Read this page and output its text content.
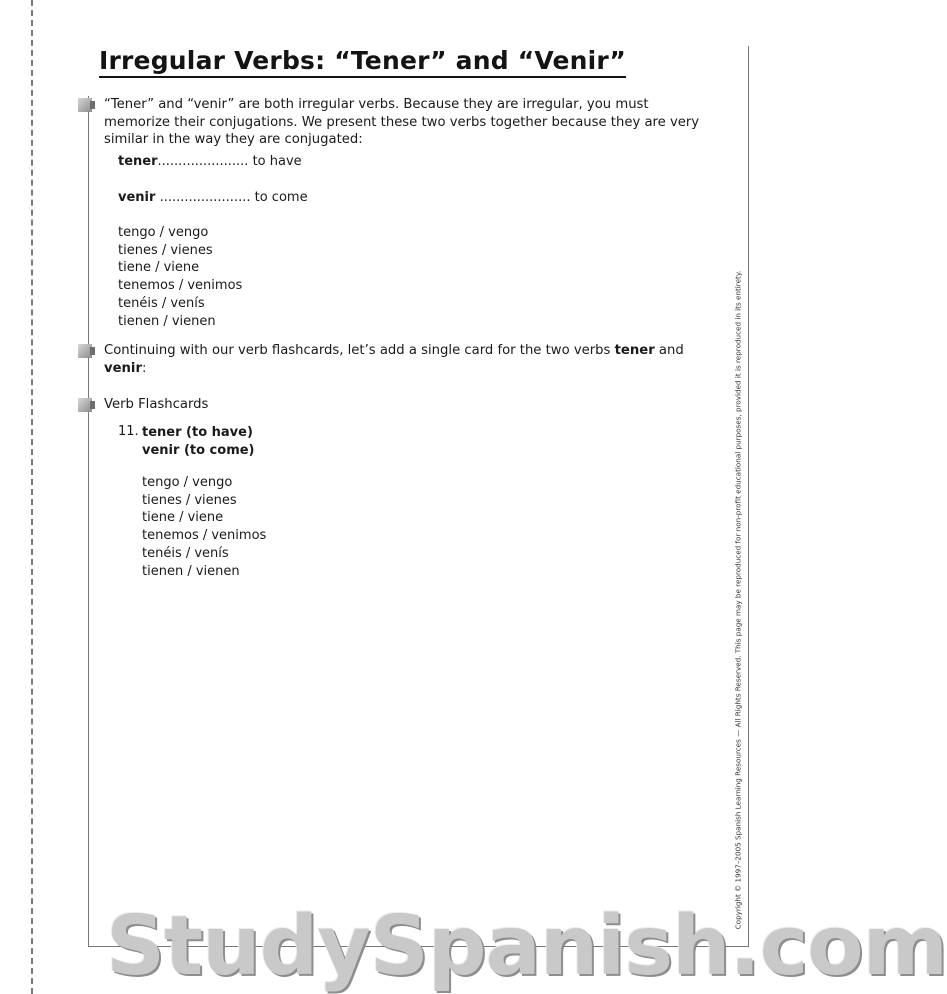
Irregular Verbs: “Tener” and “Venir”

“Tener” and “venir” are both irregular verbs. Because they are irregular, you must memorize their conjugations. We present these two verbs together because they are very similar in the way they are conjugated:

tener...................... to have
venir ...................... to come
tengo / vengo
tienes / vienes
tiene / viene
tenemos / venimos
tenéis / venís
tienen / vienen

Continuing with our verb flashcards, let’s add a single card for the two verbs tener and venir:

Verb Flashcards

11. tener (to have)
venir (to come)
tengo / vengo
tienes / vienes
tiene / viene
tenemos / venimos
tenéis / venís
tienen / vienen	Copyright © 1997–2005 Spanish Learning Resources — All Rights Reserved. This page may be reproduced for non-profit educational purposes, provided it is reproduced in its entirety.
StudySpanish.com
